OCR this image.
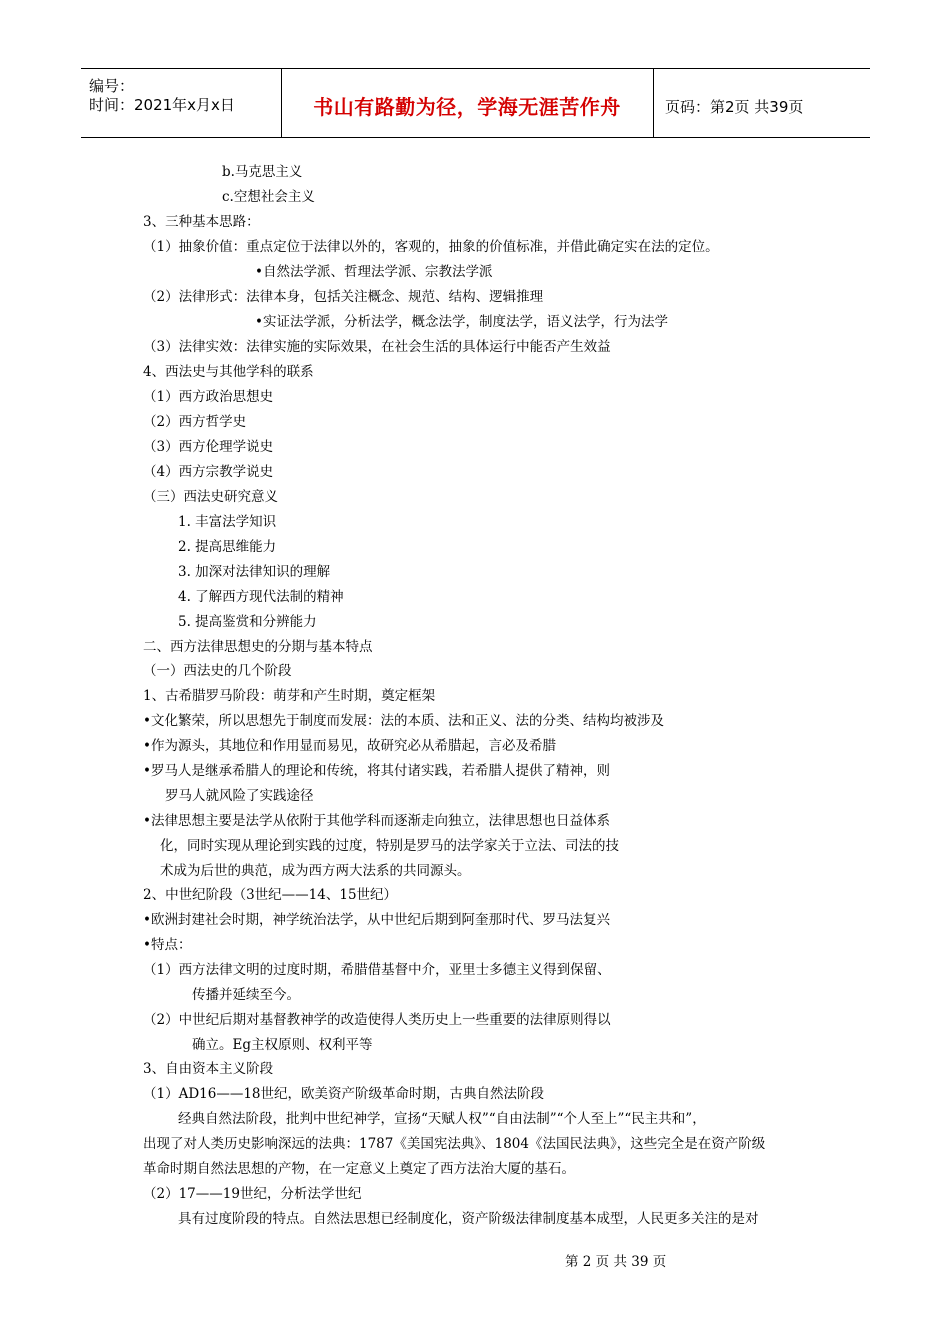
编号：
时间：2021年x月x日	书山有路勤为径，学海无涯苦作舟	页码：第2页 共39页
b.马克思主义
c.空想社会主义
3、三种基本思路：
（1）抽象价值：重点定位于法律以外的，客观的，抽象的价值标准，并借此确定实在法的定位。
•自然法学派、哲理法学派、宗教法学派
（2）法律形式：法律本身，包括关注概念、规范、结构、逻辑推理
•实证法学派，分析法学，概念法学，制度法学，语义法学，行为法学
（3）法律实效：法律实施的实际效果，在社会生活的具体运行中能否产生效益
4、西法史与其他学科的联系
（1）西方政治思想史
（2）西方哲学史
（3）西方伦理学说史
（4）西方宗教学说史
（三）西法史研究意义
1. 丰富法学知识
2. 提高思维能力
3. 加深对法律知识的理解
4. 了解西方现代法制的精神
5. 提高鉴赏和分辨能力
二、西方法律思想史的分期与基本特点
（一）西法史的几个阶段
1、古希腊罗马阶段：萌芽和产生时期，奠定框架
•文化繁荣，所以思想先于制度而发展：法的本质、法和正义、法的分类、结构均被涉及
•作为源头，其地位和作用显而易见，故研究必从希腊起，言必及希腊
•罗马人是继承希腊人的理论和传统，将其付诸实践，若希腊人提供了精神，则
罗马人就风险了实践途径
•法律思想主要是法学从依附于其他学科而逐渐走向独立，法律思想也日益体系
化，同时实现从理论到实践的过度，特别是罗马的法学家关于立法、司法的技
术成为后世的典范，成为西方两大法系的共同源头。
2、中世纪阶段（3世纪——14、15世纪）
•欧洲封建社会时期，神学统治法学，从中世纪后期到阿奎那时代、罗马法复兴
•特点：
（1）西方法律文明的过度时期，希腊借基督中介，亚里士多德主义得到保留、
传播并延续至今。
（2）中世纪后期对基督教神学的改造使得人类历史上一些重要的法律原则得以
确立。Eg主权原则、权利平等
3、自由资本主义阶段
（1）AD16——18世纪，欧美资产阶级革命时期，古典自然法阶段
经典自然法阶段，批判中世纪神学，宣扬“天赋人权”“自由法制”“个人至上”“民主共和”，
出现了对人类历史影响深远的法典：1787《美国宪法典》、1804《法国民法典》，这些完全是在资产阶级
革命时期自然法思想的产物，在一定意义上奠定了西方法治大厦的基石。
（2）17——19世纪，分析法学世纪
具有过度阶段的特点。自然法思想已经制度化，资产阶级法律制度基本成型，人民更多关注的是对
第 2 页 共 39 页
